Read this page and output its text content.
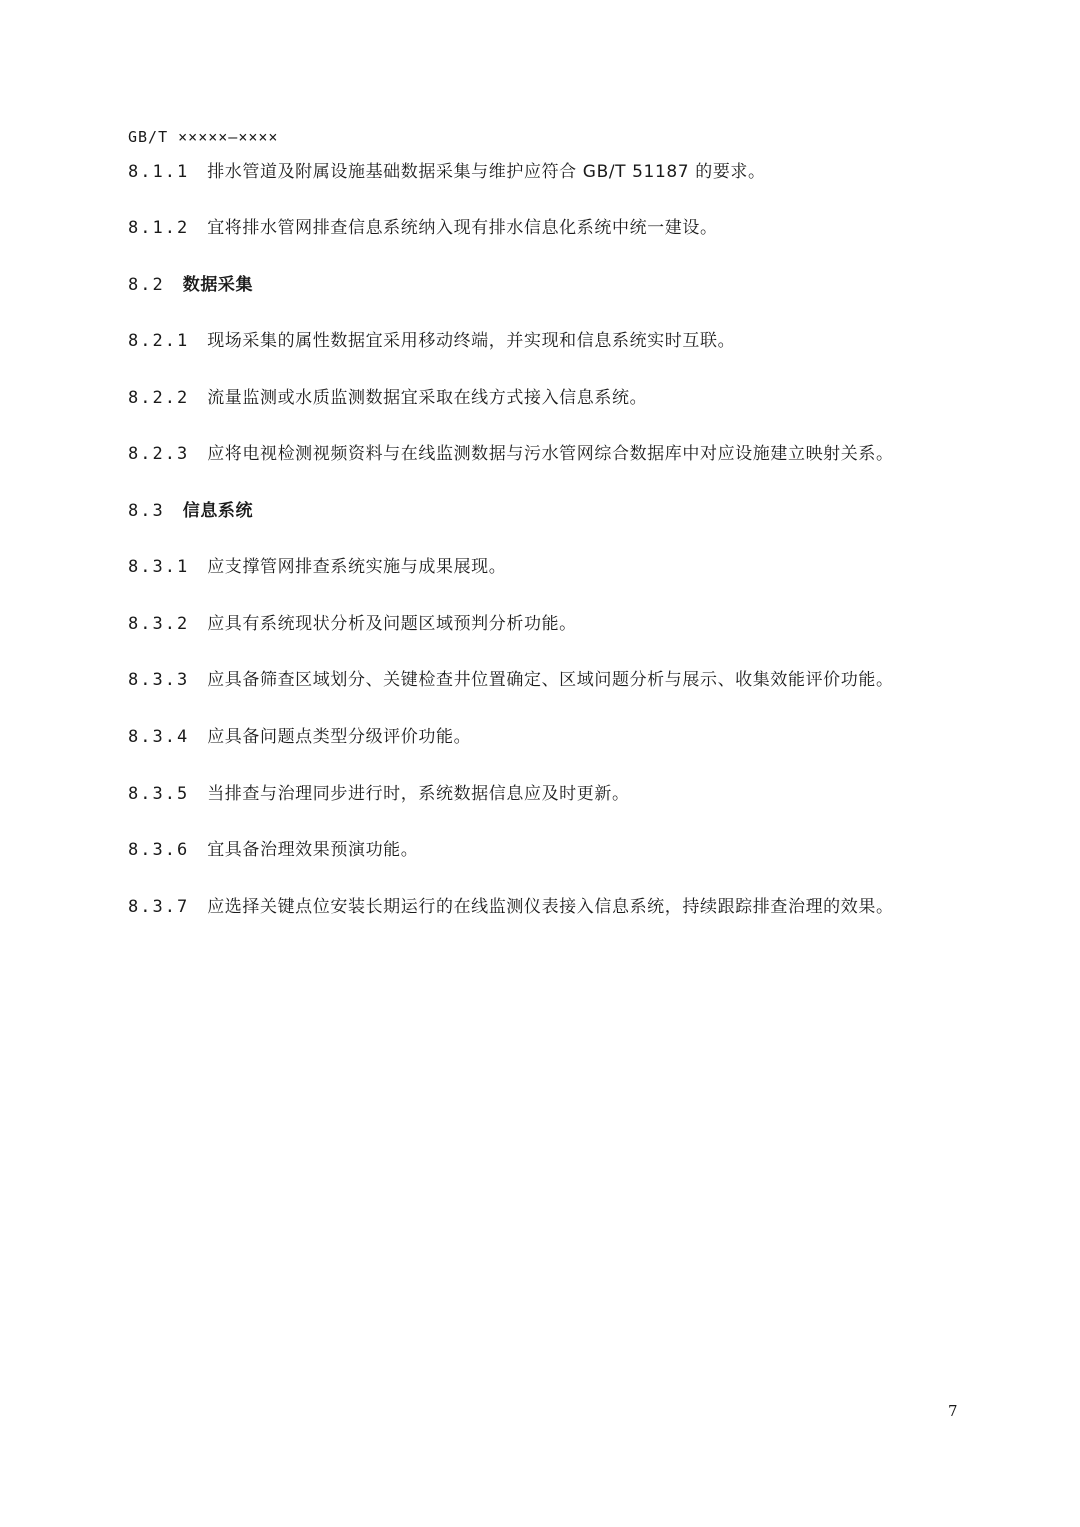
GB/T ×××××—××××
8.1.1 排水管道及附属设施基础数据采集与维护应符合 GB/T 51187 的要求。
8.1.2 宜将排水管网排查信息系统纳入现有排水信息化系统中统一建设。
8.2 数据采集
8.2.1 现场采集的属性数据宜采用移动终端，并实现和信息系统实时互联。
8.2.2 流量监测或水质监测数据宜采取在线方式接入信息系统。
8.2.3 应将电视检测视频资料与在线监测数据与污水管网综合数据库中对应设施建立映射关系。
8.3 信息系统
8.3.1 应支撑管网排查系统实施与成果展现。
8.3.2 应具有系统现状分析及问题区域预判分析功能。
8.3.3 应具备筛查区域划分、关键检查井位置确定、区域问题分析与展示、收集效能评价功能。
8.3.4 应具备问题点类型分级评价功能。
8.3.5 当排查与治理同步进行时，系统数据信息应及时更新。
8.3.6 宜具备治理效果预演功能。
8.3.7 应选择关键点位安装长期运行的在线监测仪表接入信息系统，持续跟踪排查治理的效果。
7
